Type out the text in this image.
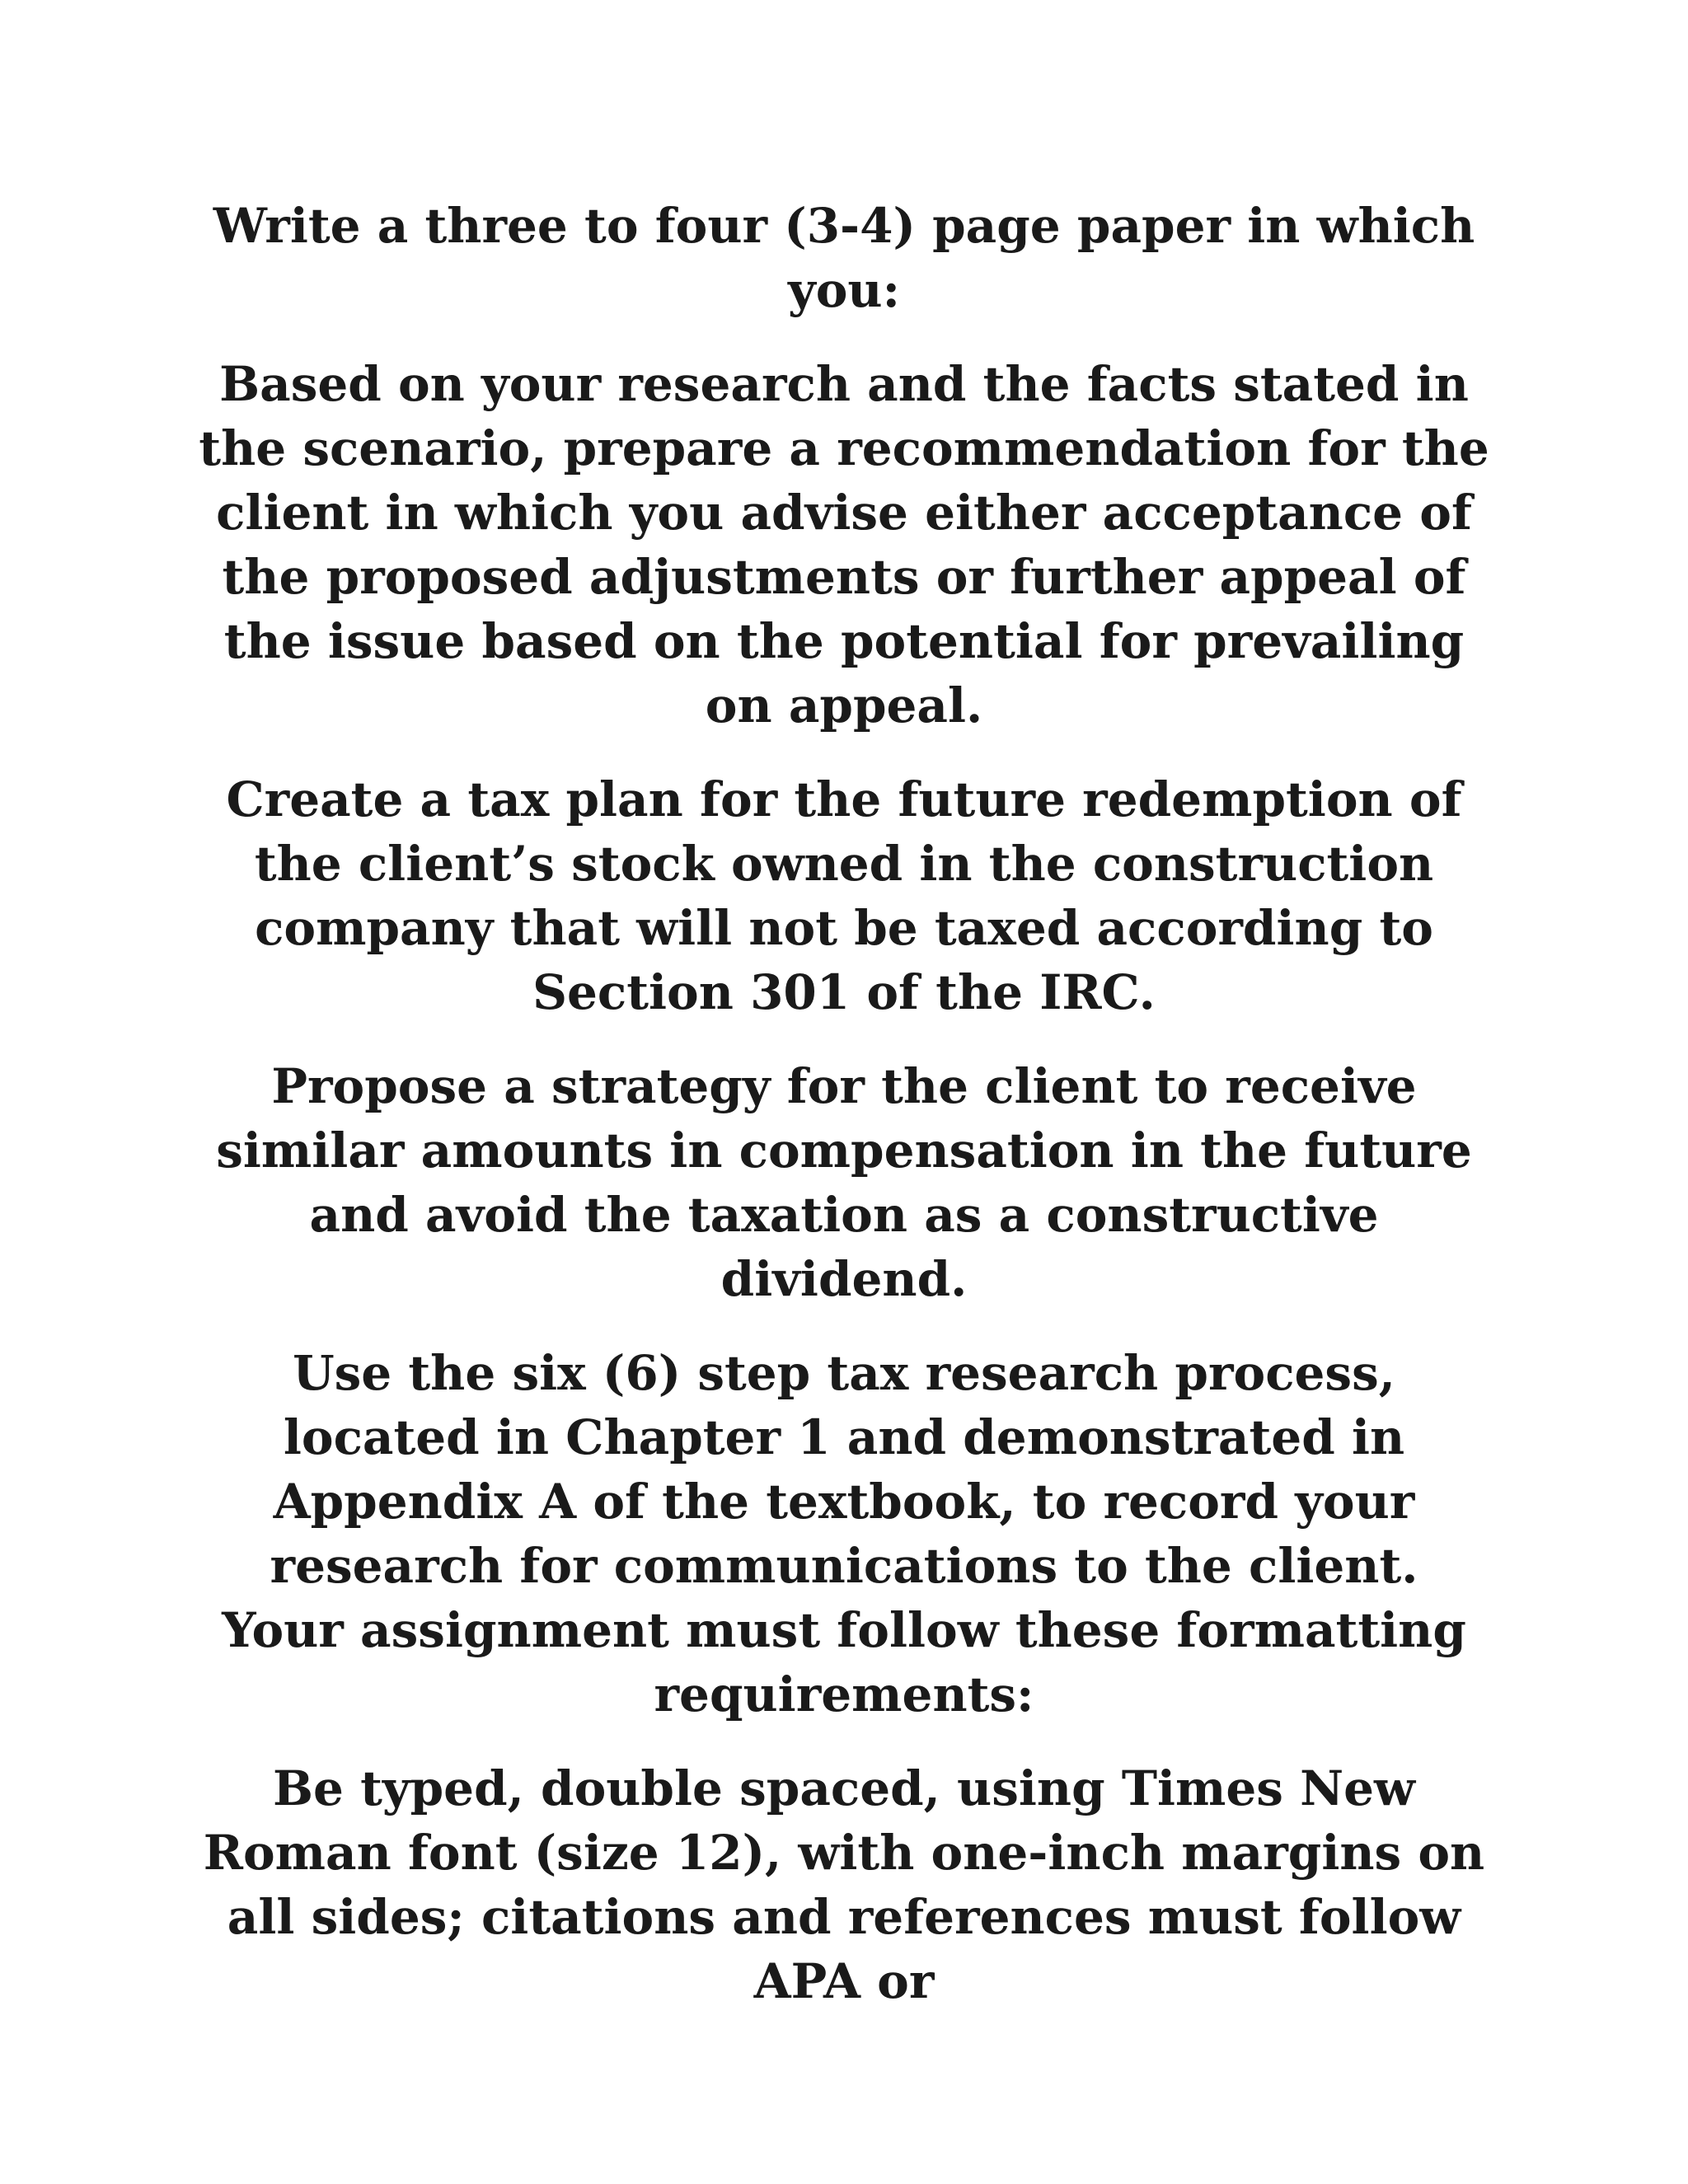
Write a three to four (3-4) page paper in which you:

Based on your research and the facts stated in the scenario, prepare a recommendation for the client in which you advise either acceptance of the proposed adjustments or further appeal of the issue based on the potential for prevailing on appeal.

Create a tax plan for the future redemption of the client’s stock owned in the construction company that will not be taxed according to Section 301 of the IRC.

Propose a strategy for the client to receive similar amounts in compensation in the future and avoid the taxation as a constructive dividend.

Use the six (6) step tax research process, located in Chapter 1 and demonstrated in Appendix A of the textbook, to record your research for communications to the client.

Your assignment must follow these formatting requirements:

Be typed, double spaced, using Times New Roman font (size 12), with one-inch margins on all sides; citations and references must follow APA or
